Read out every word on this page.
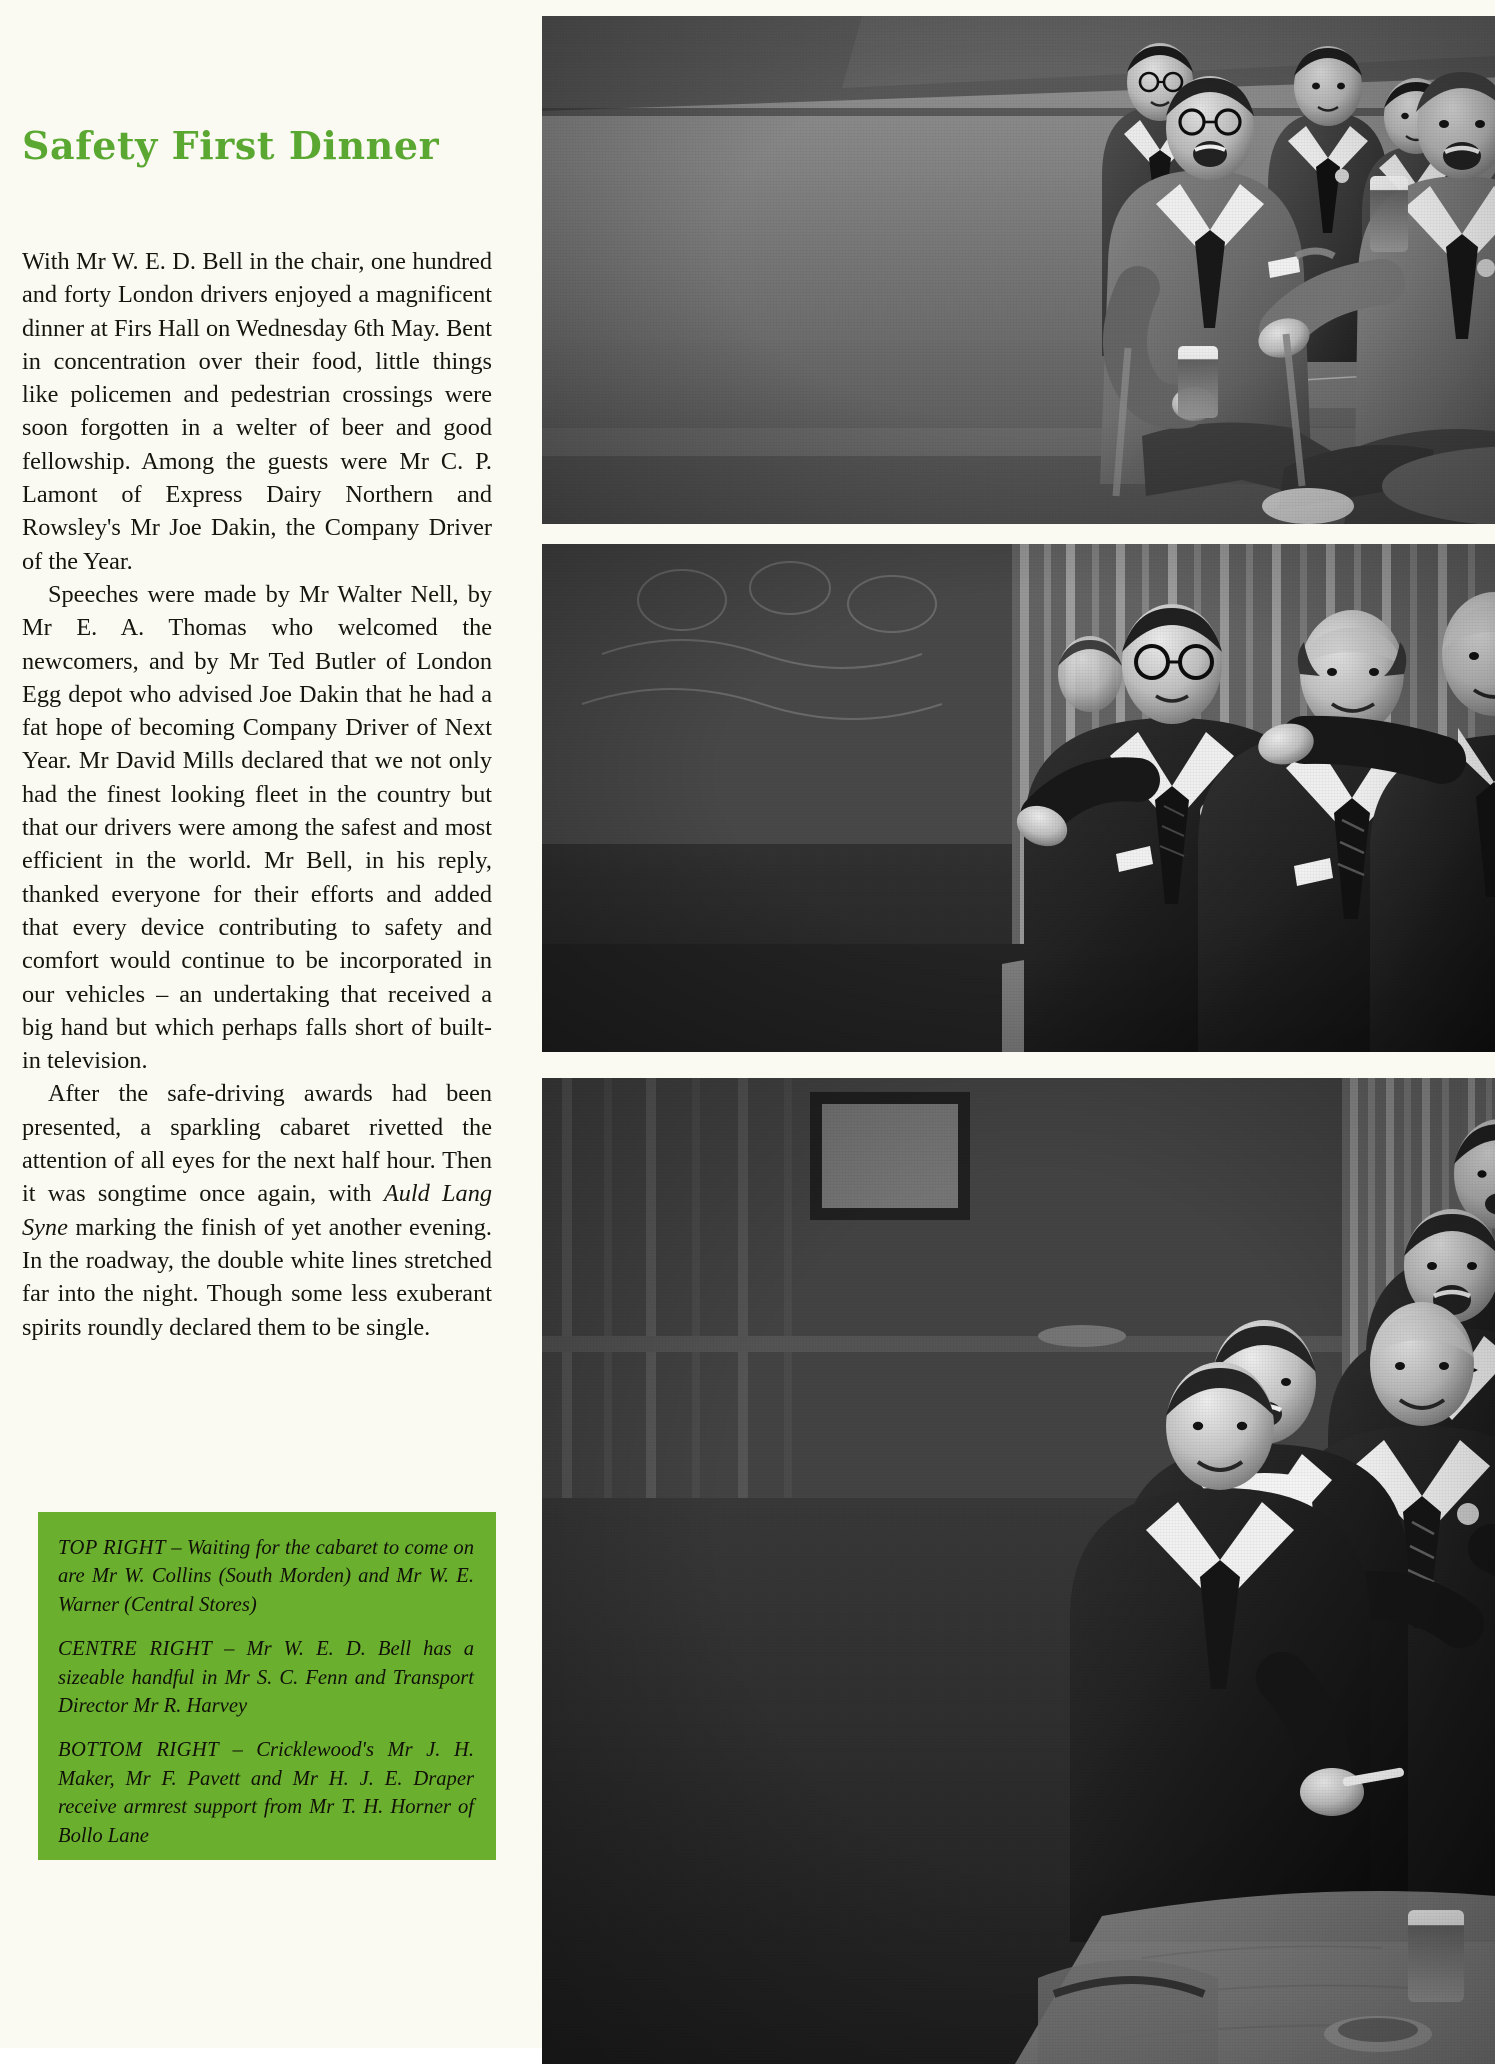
Safety First Dinner

With Mr W. E. D. Bell in the chair, one hundred and forty London drivers enjoyed a magnificent dinner at Firs Hall on Wednesday 6th May. Bent in concentration over their food, little things like policemen and pedestrian crossings were soon forgotten in a welter of beer and good fellowship. Among the guests were Mr C. P. Lamont of Express Dairy Northern and Rowsley's Mr Joe Dakin, the Company Driver of the Year.

Speeches were made by Mr Walter Nell, by Mr E. A. Thomas who welcomed the newcomers, and by Mr Ted Butler of London Egg depot who advised Joe Dakin that he had a fat hope of becoming Company Driver of Next Year. Mr David Mills declared that we not only had the finest looking fleet in the country but that our drivers were among the safest and most efficient in the world. Mr Bell, in his reply, thanked everyone for their efforts and added that every device contributing to safety and comfort would continue to be incorporated in our vehicles – an undertaking that received a big hand but which perhaps falls short of built-in television.

After the safe-driving awards had been presented, a sparkling cabaret rivetted the attention of all eyes for the next half hour. Then it was songtime once again, with Auld Lang Syne marking the finish of yet another evening. In the roadway, the double white lines stretched far into the night. Though some less exuberant spirits roundly declared them to be single.

TOP RIGHT – Waiting for the cabaret to come on are Mr W. Collins (South Morden) and Mr W. E. Warner (Central Stores)

CENTRE RIGHT – Mr W. E. D. Bell has a sizeable handful in Mr S. C. Fenn and Transport Director Mr R. Harvey

BOTTOM RIGHT – Cricklewood's Mr J. H. Maker, Mr F. Pavett and Mr H. J. E. Draper receive armrest support from Mr T. H. Horner of Bollo Lane
